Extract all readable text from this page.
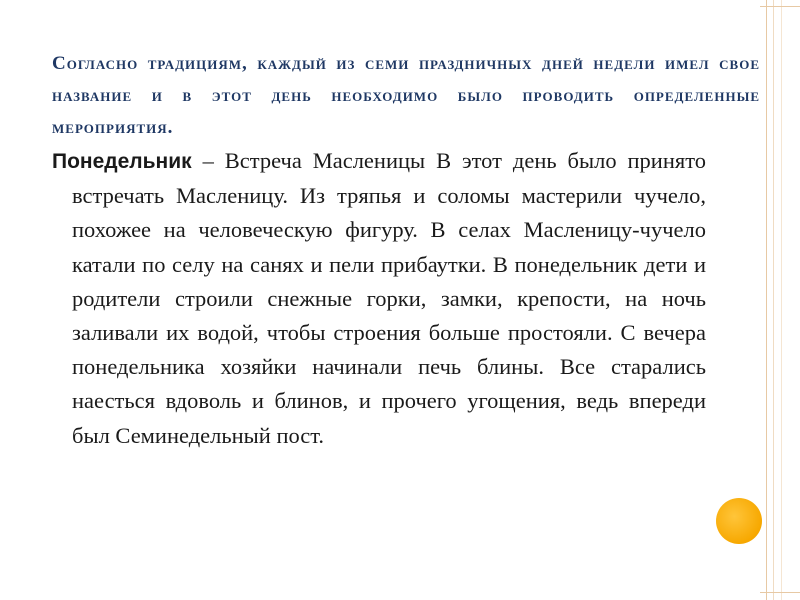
Согласно традициям, каждый из семи праздничных дней недели имел свое название и в этот день необходимо было проводить определенные мероприятия.

Понедельник – Встреча Масленицы В этот день было принято встречать Масленицу. Из тряпья и соломы мастерили чучело, похожее на человеческую фигуру. В селах Масленицу-чучело катали по селу на санях и пели прибаутки. В понедельник дети и родители строили снежные горки, замки, крепости, на ночь заливали их водой, чтобы строения больше простояли. С вечера понедельника хозяйки начинали печь блины. Все старались наесться вдоволь и блинов, и прочего угощения, ведь впереди был Семинедельный пост.
